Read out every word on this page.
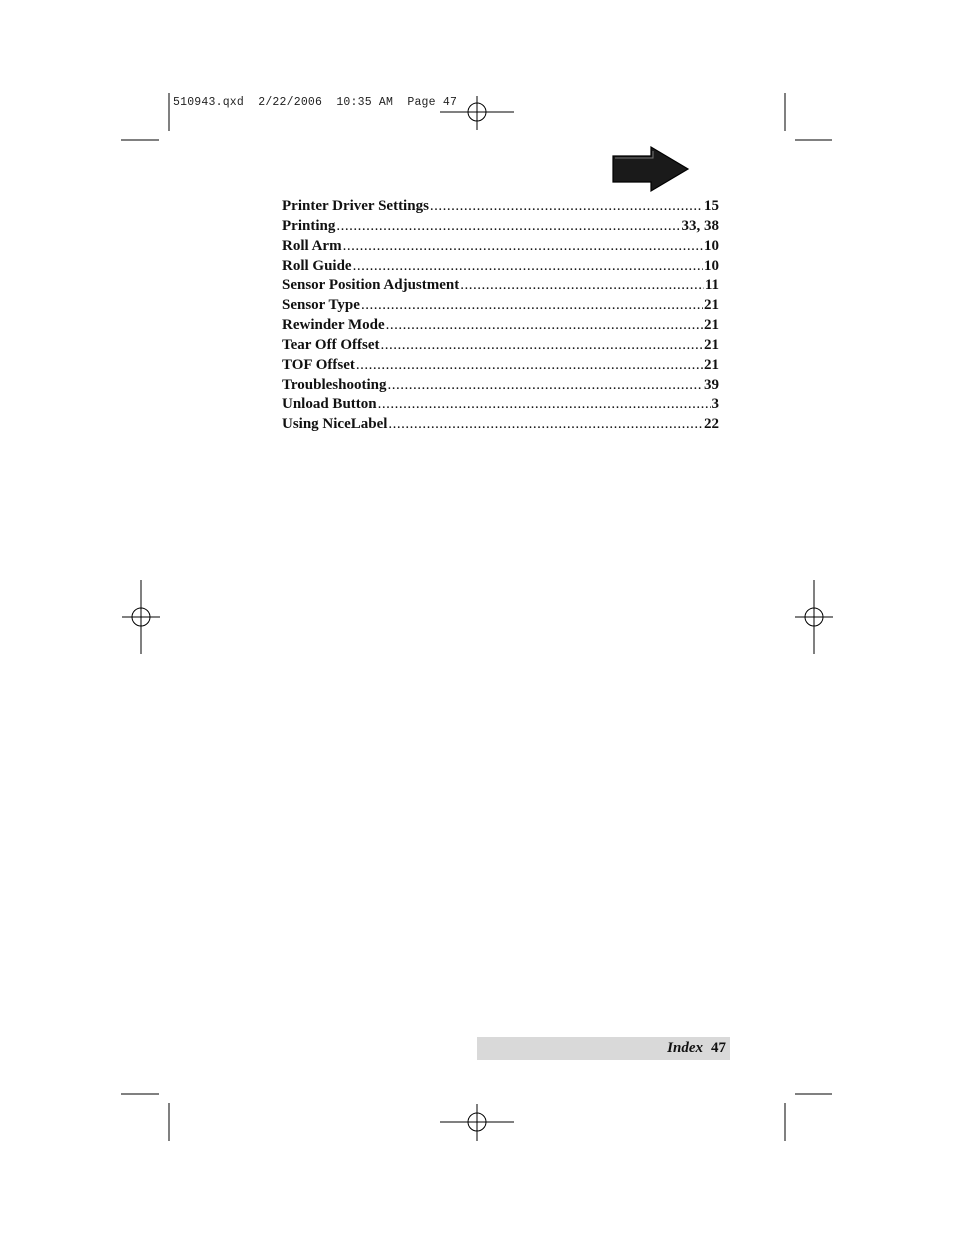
510943.qxd  2/22/2006  10:35 AM  Page 47
Printer Driver Settings .....	15
Printing .....	33, 38
Roll Arm .....	10
Roll Guide .....	10
Sensor Position Adjustment .....	11
Sensor Type .....	21
Rewinder Mode .....	21
Tear Off Offset .....	21
TOF Offset .....	21
Troubleshooting .....	39
Unload Button .....	3
Using NiceLabel .....	22
Index 47
